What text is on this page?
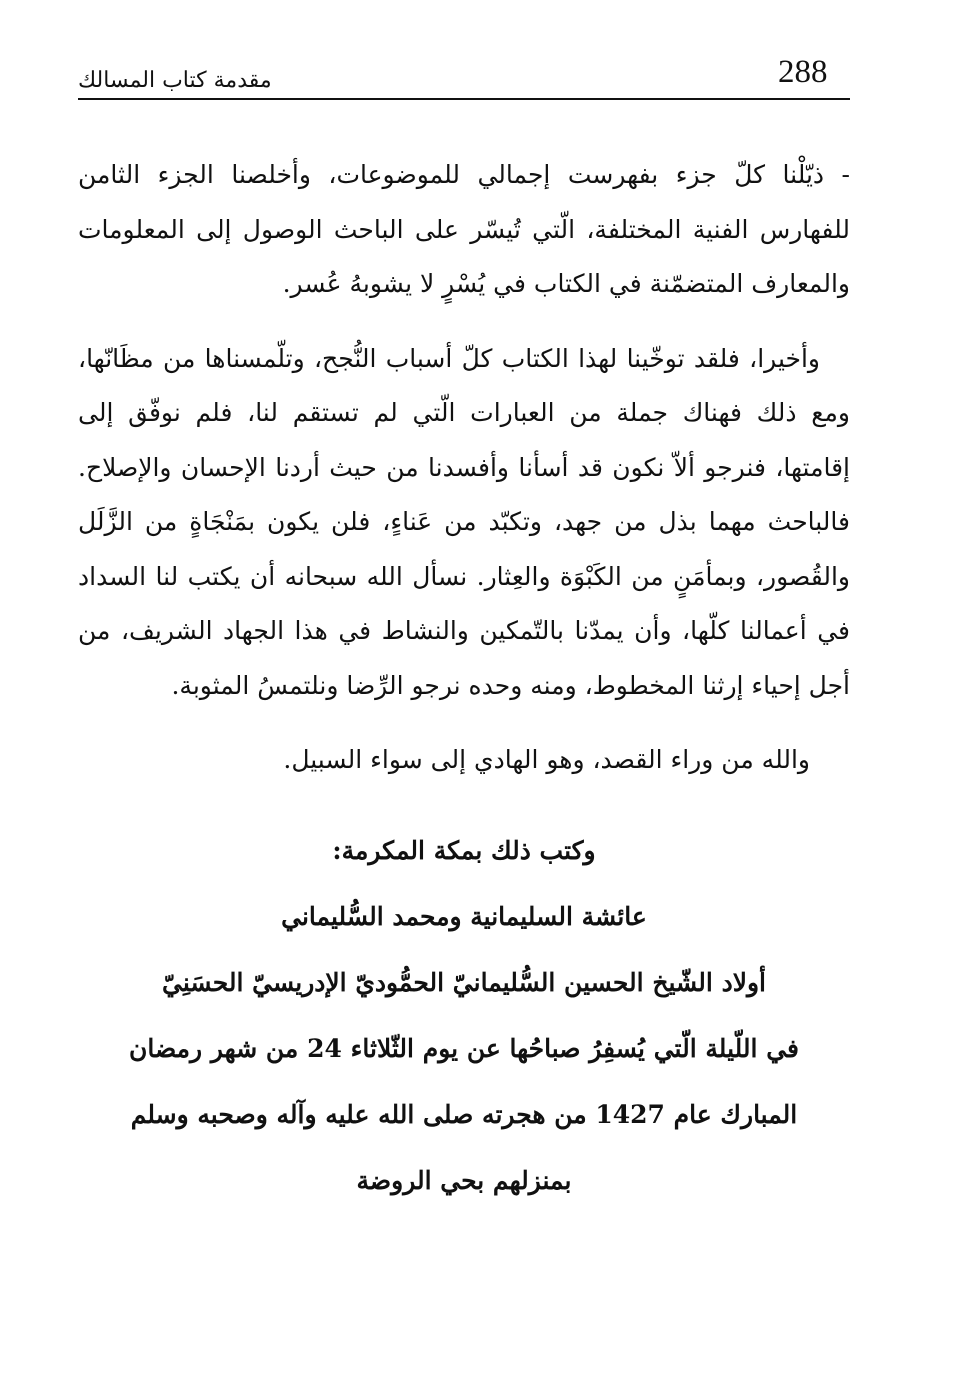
288
مقدمة كتاب المسالك

- ذيّلْنا كلّ جزء بفهرست إجمالي للموضوعات، وأخلصنا الجزء الثامن للفهارس الفنية المختلفة، الّتي تُيسّر على الباحث الوصول إلى المعلومات والمعارف المتضمّنة في الكتاب في يُسْرٍ لا يشوبهُ عُسر.

وأخيرا، فلقد توخّينا لهذا الكتاب كلّ أسباب النُّجح، وتلّمسناها من مظَانّها، ومع ذلك فهناك جملة من العبارات الّتي لم تستقم لنا، فلم نوفّق إلى إقامتها، فنرجو ألاّ نكون قد أسأنا وأفسدنا من حيث أردنا الإحسان والإصلاح. فالباحث مهما بذل من جهد، وتكبّد من عَناءٍ، فلن يكون بمَنْجَاةٍ من الزَّلَل والقُصور، وبمأمَنٍ من الكَبْوَة والعِثار. نسأل الله سبحانه أن يكتب لنا السداد في أعمالنا كلّها، وأن يمدّنا بالتّمكين والنشاط في هذا الجهاد الشريف، من أجل إحياء إرثنا المخطوط، ومنه وحده نرجو الرِّضا ونلتمسُ المثوبة.

والله من وراء القصد، وهو الهادي إلى سواء السبيل.

وكتب ذلك بمكة المكرمة:
عائشة السليمانية ومحمد السُّليماني
أولاد الشّيخ الحسين السُّليمانيّ الحمُّوديّ الإدريسيّ الحسَنِيّ
في اللّيلة الّتي يُسفِرُ صباحُها عن يوم الثّلاثاء 24 من شهر رمضان المبارك عام 1427 من هجرته صلى الله عليه وآله وصحبه وسلم
بمنزلهم بحي الروضة
